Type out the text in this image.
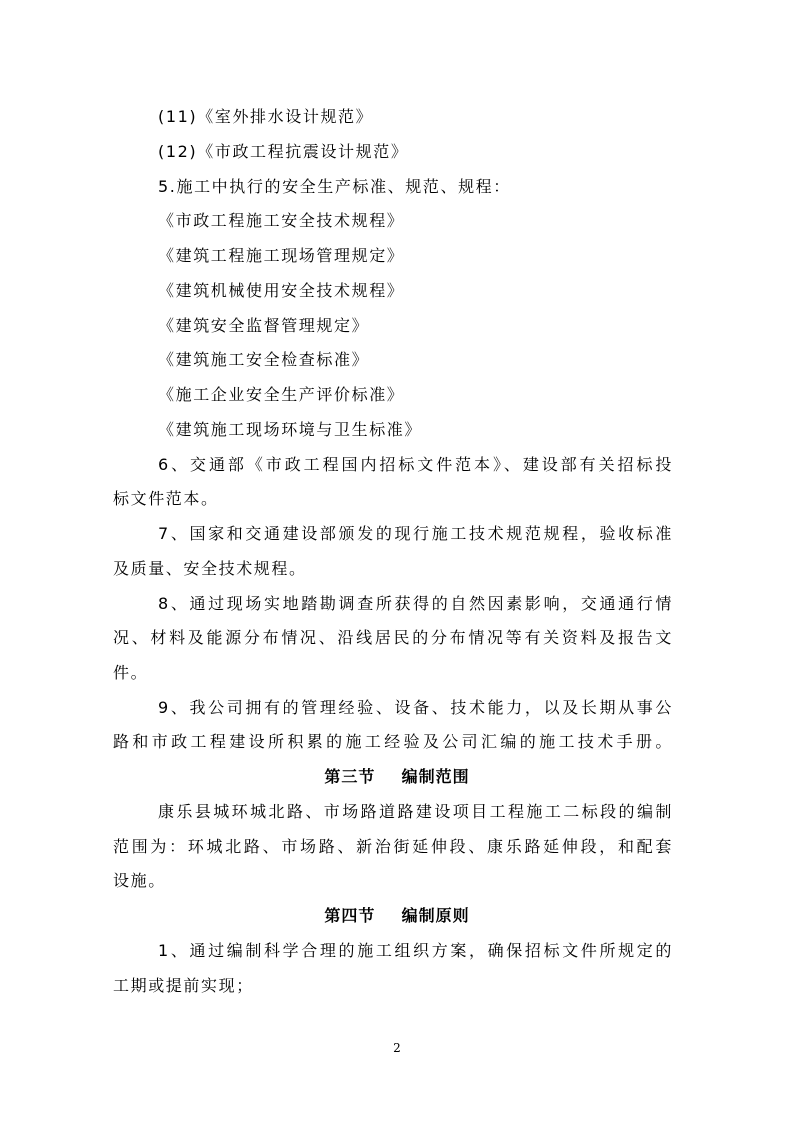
(11)《室外排水设计规范》
(12)《市政工程抗震设计规范》
5.施工中执行的安全生产标准、规范、规程：
《市政工程施工安全技术规程》
《建筑工程施工现场管理规定》
《建筑机械使用安全技术规程》
《建筑安全监督管理规定》
《建筑施工安全检查标准》
《施工企业安全生产评价标准》
《建筑施工现场环境与卫生标准》
6、交通部《市政工程国内招标文件范本》、建设部有关招标投
标文件范本。
7、国家和交通建设部颁发的现行施工技术规范规程，验收标准
及质量、安全技术规程。
8、通过现场实地踏勘调查所获得的自然因素影响，交通通行情
况、材料及能源分布情况、沿线居民的分布情况等有关资料及报告文
件。
9、我公司拥有的管理经验、设备、技术能力，以及长期从事公
路和市政工程建设所积累的施工经验及公司汇编的施工技术手册。
第三节    编制范围
康乐县城环城北路、市场路道路建设项目工程施工二标段的编制
范围为：环城北路、市场路、新治街延伸段、康乐路延伸段，和配套
设施。
第四节    编制原则
1、通过编制科学合理的施工组织方案，确保招标文件所规定的
工期或提前实现；
2
